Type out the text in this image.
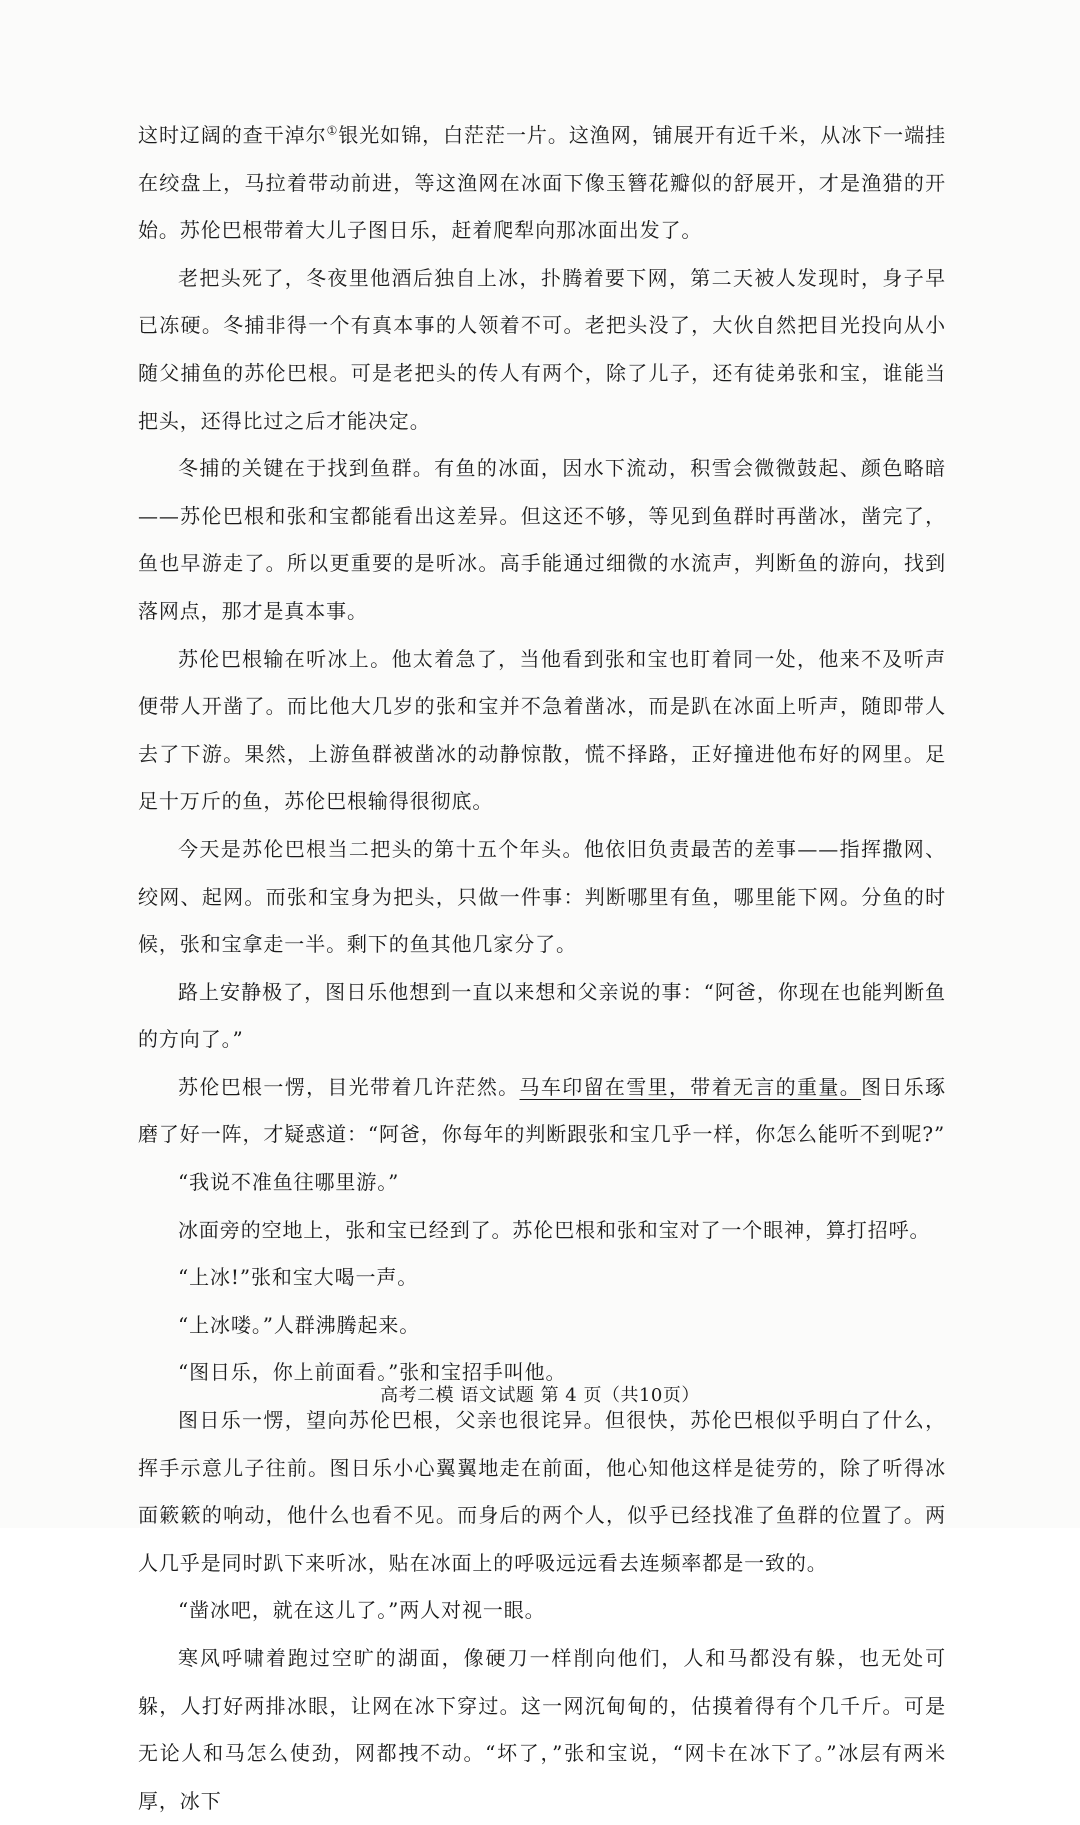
这时辽阔的查干淖尔①银光如锦，白茫茫一片。这渔网，铺展开有近千米，从冰下一端挂在绞盘上，马拉着带动前进，等这渔网在冰面下像玉簪花瓣似的舒展开，才是渔猎的开始。苏伦巴根带着大儿子图日乐，赶着爬犁向那冰面出发了。

老把头死了，冬夜里他酒后独自上冰，扑腾着要下网，第二天被人发现时，身子早已冻硬。冬捕非得一个有真本事的人领着不可。老把头没了，大伙自然把目光投向从小随父捕鱼的苏伦巴根。可是老把头的传人有两个，除了儿子，还有徒弟张和宝，谁能当把头，还得比过之后才能决定。

冬捕的关键在于找到鱼群。有鱼的冰面，因水下流动，积雪会微微鼓起、颜色略暗——苏伦巴根和张和宝都能看出这差异。但这还不够，等见到鱼群时再凿冰，凿完了，鱼也早游走了。所以更重要的是听冰。高手能通过细微的水流声，判断鱼的游向，找到落网点，那才是真本事。

苏伦巴根输在听冰上。他太着急了，当他看到张和宝也盯着同一处，他来不及听声便带人开凿了。而比他大几岁的张和宝并不急着凿冰，而是趴在冰面上听声，随即带人去了下游。果然，上游鱼群被凿冰的动静惊散，慌不择路，正好撞进他布好的网里。足足十万斤的鱼，苏伦巴根输得很彻底。

今天是苏伦巴根当二把头的第十五个年头。他依旧负责最苦的差事——指挥撒网、绞网、起网。而张和宝身为把头，只做一件事：判断哪里有鱼，哪里能下网。分鱼的时候，张和宝拿走一半。剩下的鱼其他几家分了。

路上安静极了，图日乐他想到一直以来想和父亲说的事：“阿爸，你现在也能判断鱼的方向了。”

苏伦巴根一愣，目光带着几许茫然。马车印留在雪里，带着无言的重量。图日乐琢磨了好一阵，才疑惑道：“阿爸，你每年的判断跟张和宝几乎一样，你怎么能听不到呢?”

“我说不准鱼往哪里游。”

冰面旁的空地上，张和宝已经到了。苏伦巴根和张和宝对了一个眼神，算打招呼。

“上冰!”张和宝大喝一声。

“上冰喽。”人群沸腾起来。

“图日乐，你上前面看。”张和宝招手叫他。

图日乐一愣，望向苏伦巴根，父亲也很诧异。但很快，苏伦巴根似乎明白了什么，挥手示意儿子往前。图日乐小心翼翼地走在前面，他心知他这样是徒劳的，除了听得冰面簌簌的响动，他什么也看不见。而身后的两个人，似乎已经找准了鱼群的位置了。两人几乎是同时趴下来听冰，贴在冰面上的呼吸远远看去连频率都是一致的。

“凿冰吧，就在这儿了。”两人对视一眼。

寒风呼啸着跑过空旷的湖面，像硬刀一样削向他们，人和马都没有躲，也无处可躲，人打好两排冰眼，让网在冰下穿过。这一网沉甸甸的，估摸着得有个几千斤。可是无论人和马怎么使劲，网都拽不动。“坏了，”张和宝说，“网卡在冰下了。”冰层有两米厚，冰下

高考二模 语文试题 第 4 页（共10页）
